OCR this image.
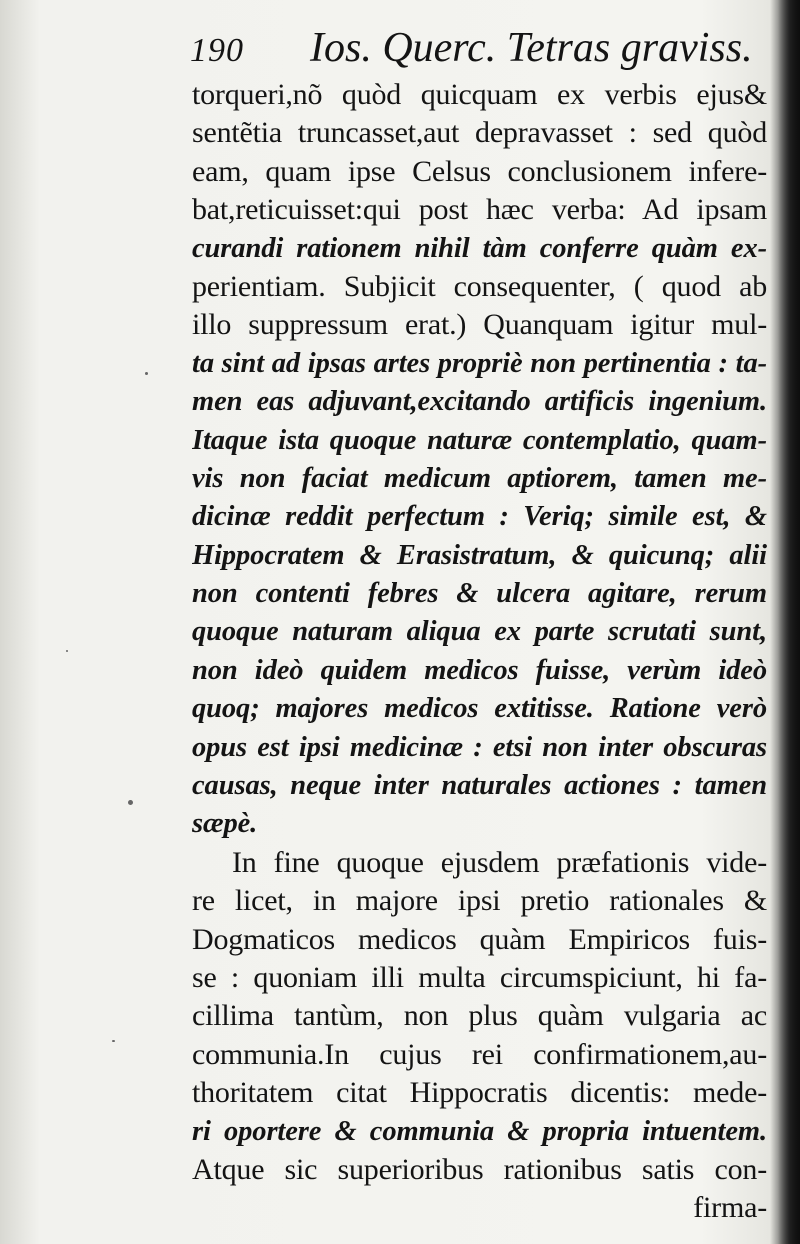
190 Ios. Querc. Tetras graviss.
torqueri,nõ quòd quicquam ex verbis ejus&
sentẽtia truncasset,aut depravasset : sed quòd
eam, quam ipse Celsus conclusionem infere-
bat,reticuisset:qui post hæc verba: Ad ipsam
curandi rationem nihil tàm conferre quàm ex-
perientiam. Subjicit consequenter, ( quod ab
illo suppressum erat.) Quanquam igitur mul-
ta sint ad ipsas artes propriè non pertinentia : ta-
men eas adjuvant,excitando artificis ingenium.
Itaque ista quoque naturæ contemplatio, quam-
vis non faciat medicum aptiorem, tamen me-
dicinæ reddit perfectum : Veriq; simile est, &
Hippocratem & Erasistratum, & quicunq; alii
non contenti febres & ulcera agitare, rerum
quoque naturam aliqua ex parte scrutati sunt,
non ideò quidem medicos fuisse, verùm ideò
quoq; majores medicos extitisse. Ratione verò
opus est ipsi medicinæ : etsi non inter obscuras
causas, neque inter naturales actiones : tamen
sæpè.
In fine quoque ejusdem præfationis vide-
re licet, in majore ipsi pretio rationales &
Dogmaticos medicos quàm Empiricos fuis-
se : quoniam illi multa circumspiciunt, hi fa-
cillima tantùm, non plus quàm vulgaria ac
communia.In cujus rei confirmationem,au-
thoritatem citat Hippocratis dicentis: mede-
ri oportere & communia & propria intuentem.
Atque sic superioribus rationibus satis con-
firma-
